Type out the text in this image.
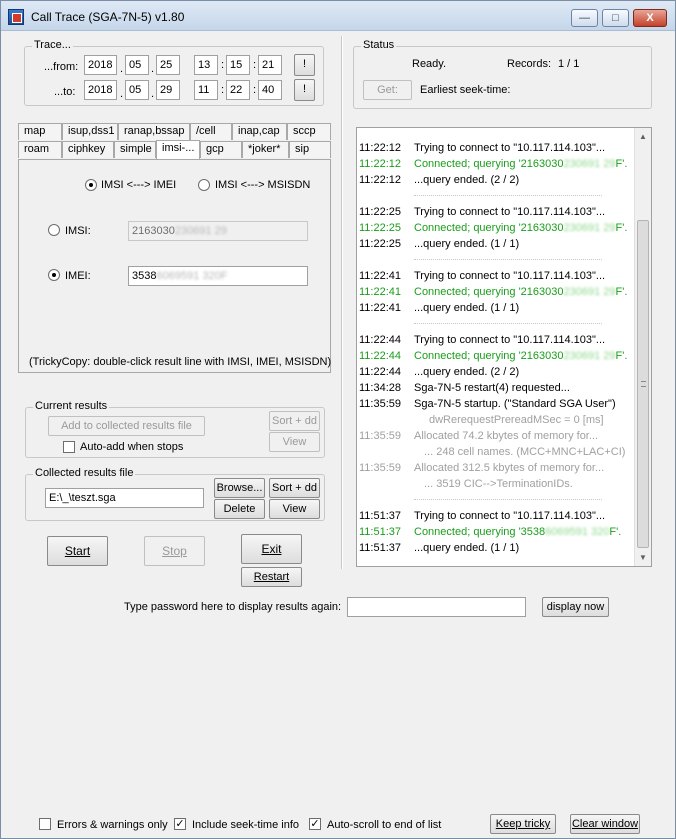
Call Trace (SGA-7N-5) v1.80	—	□	X
Trace...
...from: 2018 . 05 . 25	13 : 15 : 21	!
...to:	2018 . 05 . 29	11	: 22 : 40	!
Status
Ready.	Records: 1 / 1
Get:	Earliest seek-time:
map	isup,dss1 ranap,bssap	/cell	inap,cap	sccp
roam	ciphkey	simple imsi-...	gcp	*joker*	sip
IMSI <---> IMEI	IMSI <---> MSISDN
IMSI:	2163030230691 29
IMEI:	35386069591 320F
(TrickyCopy: double-click result line with IMSI, IMEI, MSISDN)
Current results
Add to collected results file
Auto-add when stops
Sort + dd
View
Collected results file
E:\_\teszt.sga
Browse...
Delete
Sort + dd
View
Start	Stop	Exit
Restart
11:22:12 Trying to connect to "10.117.114.103"...
11:22:12 Connected; querying '2163030230691 29F'.
11:22:12 ...query ended. (2 / 2)
11:22:25 Trying to connect to "10.117.114.103"...
11:22:25 Connected; querying '2163030230691 29F'.
11:22:25 ...query ended. (1 / 1)
11:22:41 Trying to connect to "10.117.114.103"...
11:22:41 Connected; querying '2163030230691 29F'.
11:22:41 ...query ended. (1 / 1)
11:22:44 Trying to connect to "10.117.114.103"...
11:22:44 Connected; querying '2163030230691 29F'.
11:22:44 ...query ended. (2 / 2)
11:34:28 Sga-7N-5 restart(4) requested...
11:35:59 Sga-7N-5 startup. ("Standard SGA User")
dwRerequestPrereadMSec = 0 [ms]
11:35:59 Allocated 74.2 kbytes of memory for...
... 248 cell names. (MCC+MNC+LAC+CI)
11:35:59 Allocated 312.5 kbytes of memory for...
... 3519 CIC-->TerminationIDs.
11:51:37 Trying to connect to "10.117.114.103"...
11:51:37 Connected; querying '35386069591 320F'.
11:51:37 ...query ended. (1 / 1)
▲
▼
Type password here to display results again:	display now
Errors & warnings only ✓ Include seek-time info ✓ Auto-scroll to end of list	Keep tricky	Clear window
